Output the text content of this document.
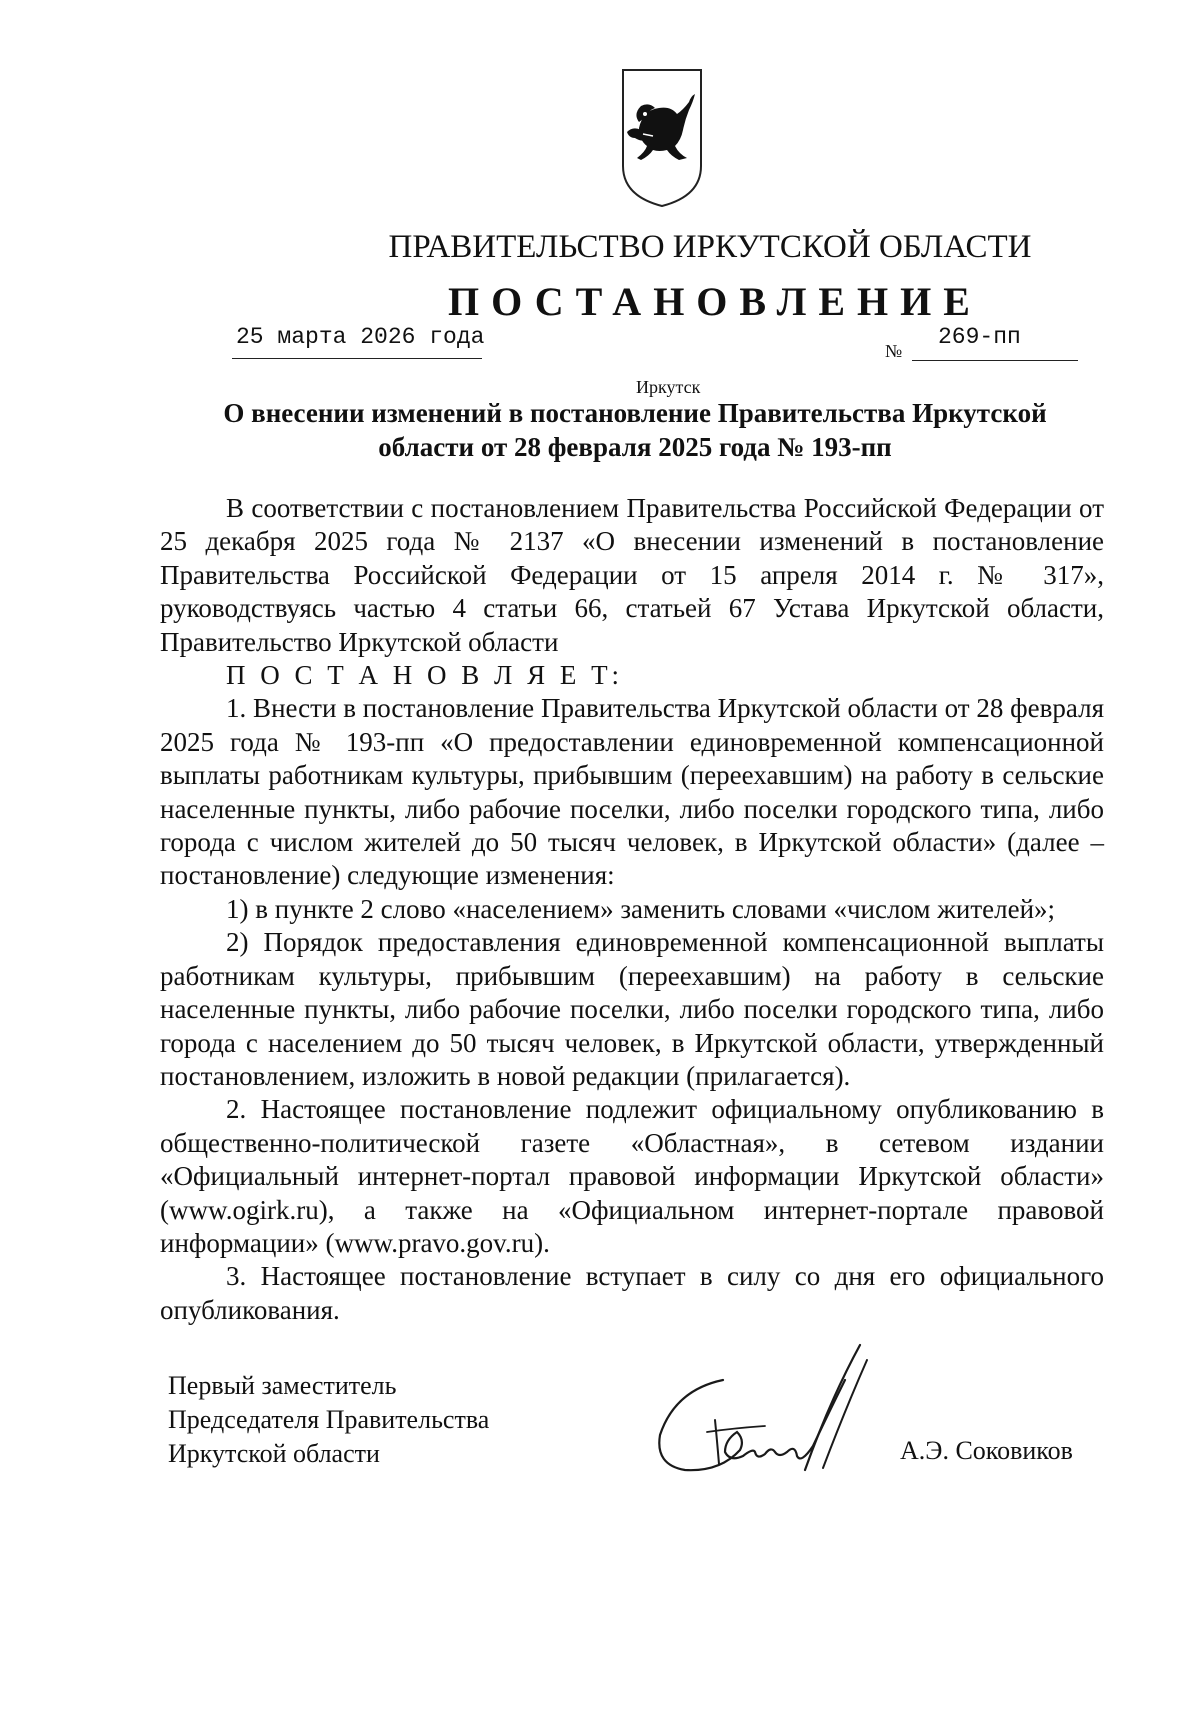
ПРАВИТЕЛЬСТВО ИРКУТСКОЙ ОБЛАСТИ
ПОСТАНОВЛЕНИЕ
25 марта 2026 года
№
269-пп
Иркутск
О внесении изменений в постановление Правительства Иркутской
области от 28 февраля 2025 года № 193-пп

В соответствии с постановлением Правительства Российской Федерации от 25 декабря 2025 года № 2137 «О внесении изменений в постановление Правительства Российской Федерации от 15 апреля 2014 г. № 317», руководствуясь частью 4 статьи 66, статьей 67 Устава Иркутской области, Правительство Иркутской области

П О С Т А Н О В Л Я Е Т:

1. Внести в постановление Правительства Иркутской области от 28 февраля 2025 года № 193-пп «О предоставлении единовременной компенсационной выплаты работникам культуры, прибывшим (переехавшим) на работу в сельские населенные пункты, либо рабочие поселки, либо поселки городского типа, либо города с числом жителей до 50 тысяч человек, в Иркутской области» (далее – постановление) следующие изменения:

1) в пункте 2 слово «населением» заменить словами «числом жителей»;

2) Порядок предоставления единовременной компенсационной выплаты работникам культуры, прибывшим (переехавшим) на работу в сельские населенные пункты, либо рабочие поселки, либо поселки городского типа, либо города с населением до 50 тысяч человек, в Иркутской области, утвержденный постановлением, изложить в новой редакции (прилагается).

2. Настоящее постановление подлежит официальному опубликованию в общественно-политической газете «Областная», в сетевом издании «Официальный интернет-портал правовой информации Иркутской области» (www.ogirk.ru), а также на «Официальном интернет-портале правовой информации» (www.pravo.gov.ru).

3. Настоящее постановление вступает в силу со дня его официального опубликования.

Первый заместитель
Председателя Правительства
Иркутской области	А.Э. Соковиков
